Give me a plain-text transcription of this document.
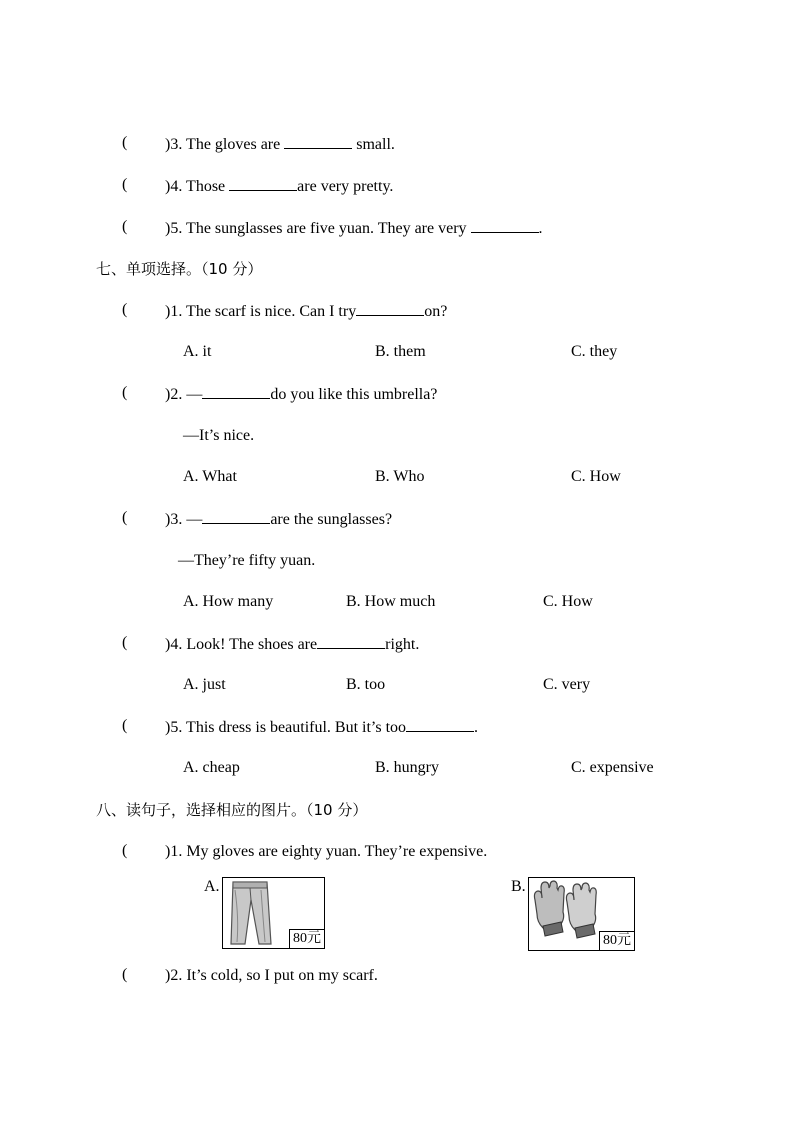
( )3. The gloves are	small.
( )4. Those	are very pretty.
( )5. The sunglasses are five yuan. They are very	.
七、单项选择。（10 分）
( )1. The scarf is nice. Can I try	on?
A. it	B. them	C. they
( )2. —	do you like this umbrella?
—It’s nice.
A. What	B. Who	C. How
( )3. —	are the sunglasses?
—They’re fifty yuan.
A. How many	B. How much	C. How
( )4. Look! The shoes are	right.
A. just	B. too	C. very
( )5. This dress is beautiful. But it’s too	.
A. cheap	B. hungry	C. expensive
八、读句子，选择相应的图片。（10 分）
( )1. My gloves are eighty yuan. They’re expensive.
A.
80元
B.
80元
( )2. It’s cold, so I put on my scarf.
